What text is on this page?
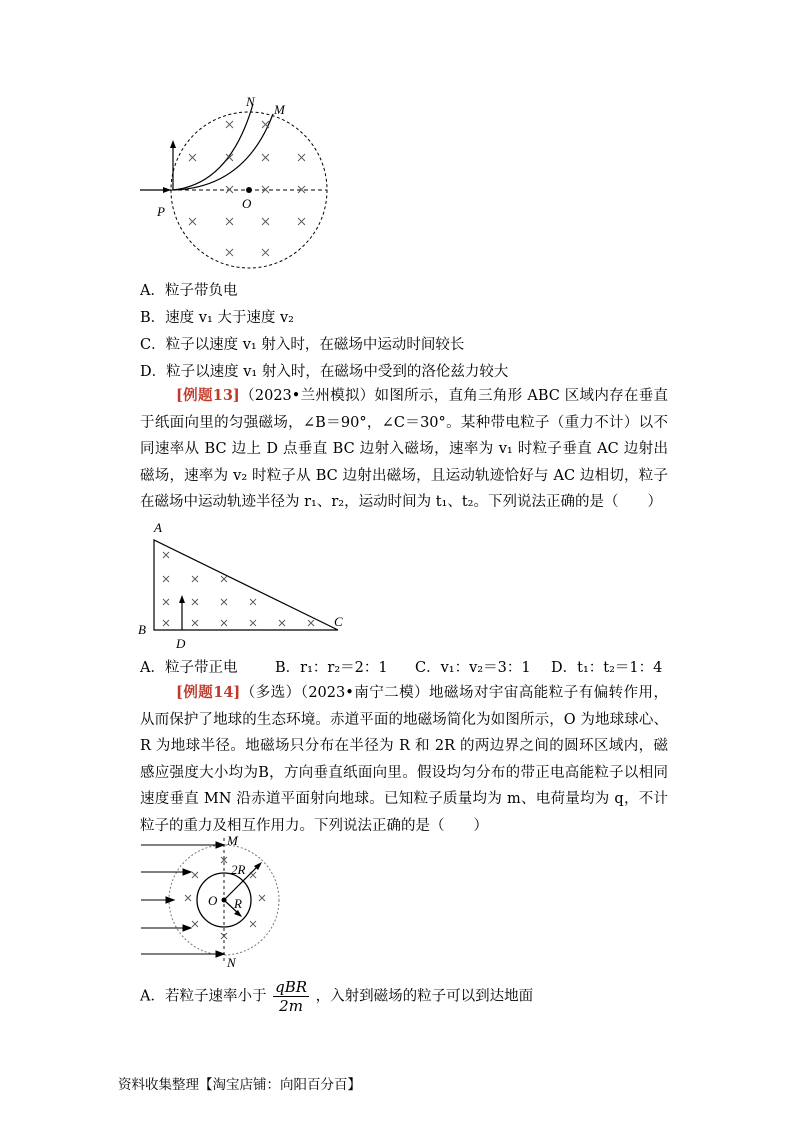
N
M
O
P
A．粒子带负电
B．速度 v₁ 大于速度 v₂
C．粒子以速度 v₁ 射入时，在磁场中运动时间较长
D．粒子以速度 v₁ 射入时，在磁场中受到的洛伦兹力较大
[例题13]（2023•兰州模拟）如图所示，直角三角形 ABC 区域内存在垂直于纸面向里的匀强磁场，∠B＝90°，∠C＝30°。某种带电粒子（重力不计）以不同速率从 BC 边上 D 点垂直 BC 边射入磁场，速率为 v₁ 时粒子垂直 AC 边射出磁场，速率为 v₂ 时粒子从 BC 边射出磁场，且运动轨迹恰好与 AC 边相切，粒子在磁场中运动轨迹半径为 r₁、r₂，运动时间为 t₁、t₂。下列说法正确的是（　　）
A
B
C
D
A．粒子带正电	B．r₁：r₂＝2：1 C．v₁：v₂＝3：1 D．t₁：t₂＝1：4
[例题14]（多选）（2023•南宁二模）地磁场对宇宙高能粒子有偏转作用，从而保护了地球的生态环境。赤道平面的地磁场简化为如图所示，O 为地球球心、R 为地球半径。地磁场只分布在半径为 R 和 2R 的两边界之间的圆环区域内，磁感应强度大小均为B，方向垂直纸面向里。假设均匀分布的带正电高能粒子以相同速度垂直 MN 沿赤道平面射向地球。已知粒子质量均为 m、电荷量均为 q，不计粒子的重力及相互作用力。下列说法正确的是（　　）
M
N
O R
2R
A．若粒子速率小于 $\frac{\text{qBR}}{2m}$ ，入射到磁场的粒子可以到达地面
资料收集整理【淘宝店铺：向阳百分百】
